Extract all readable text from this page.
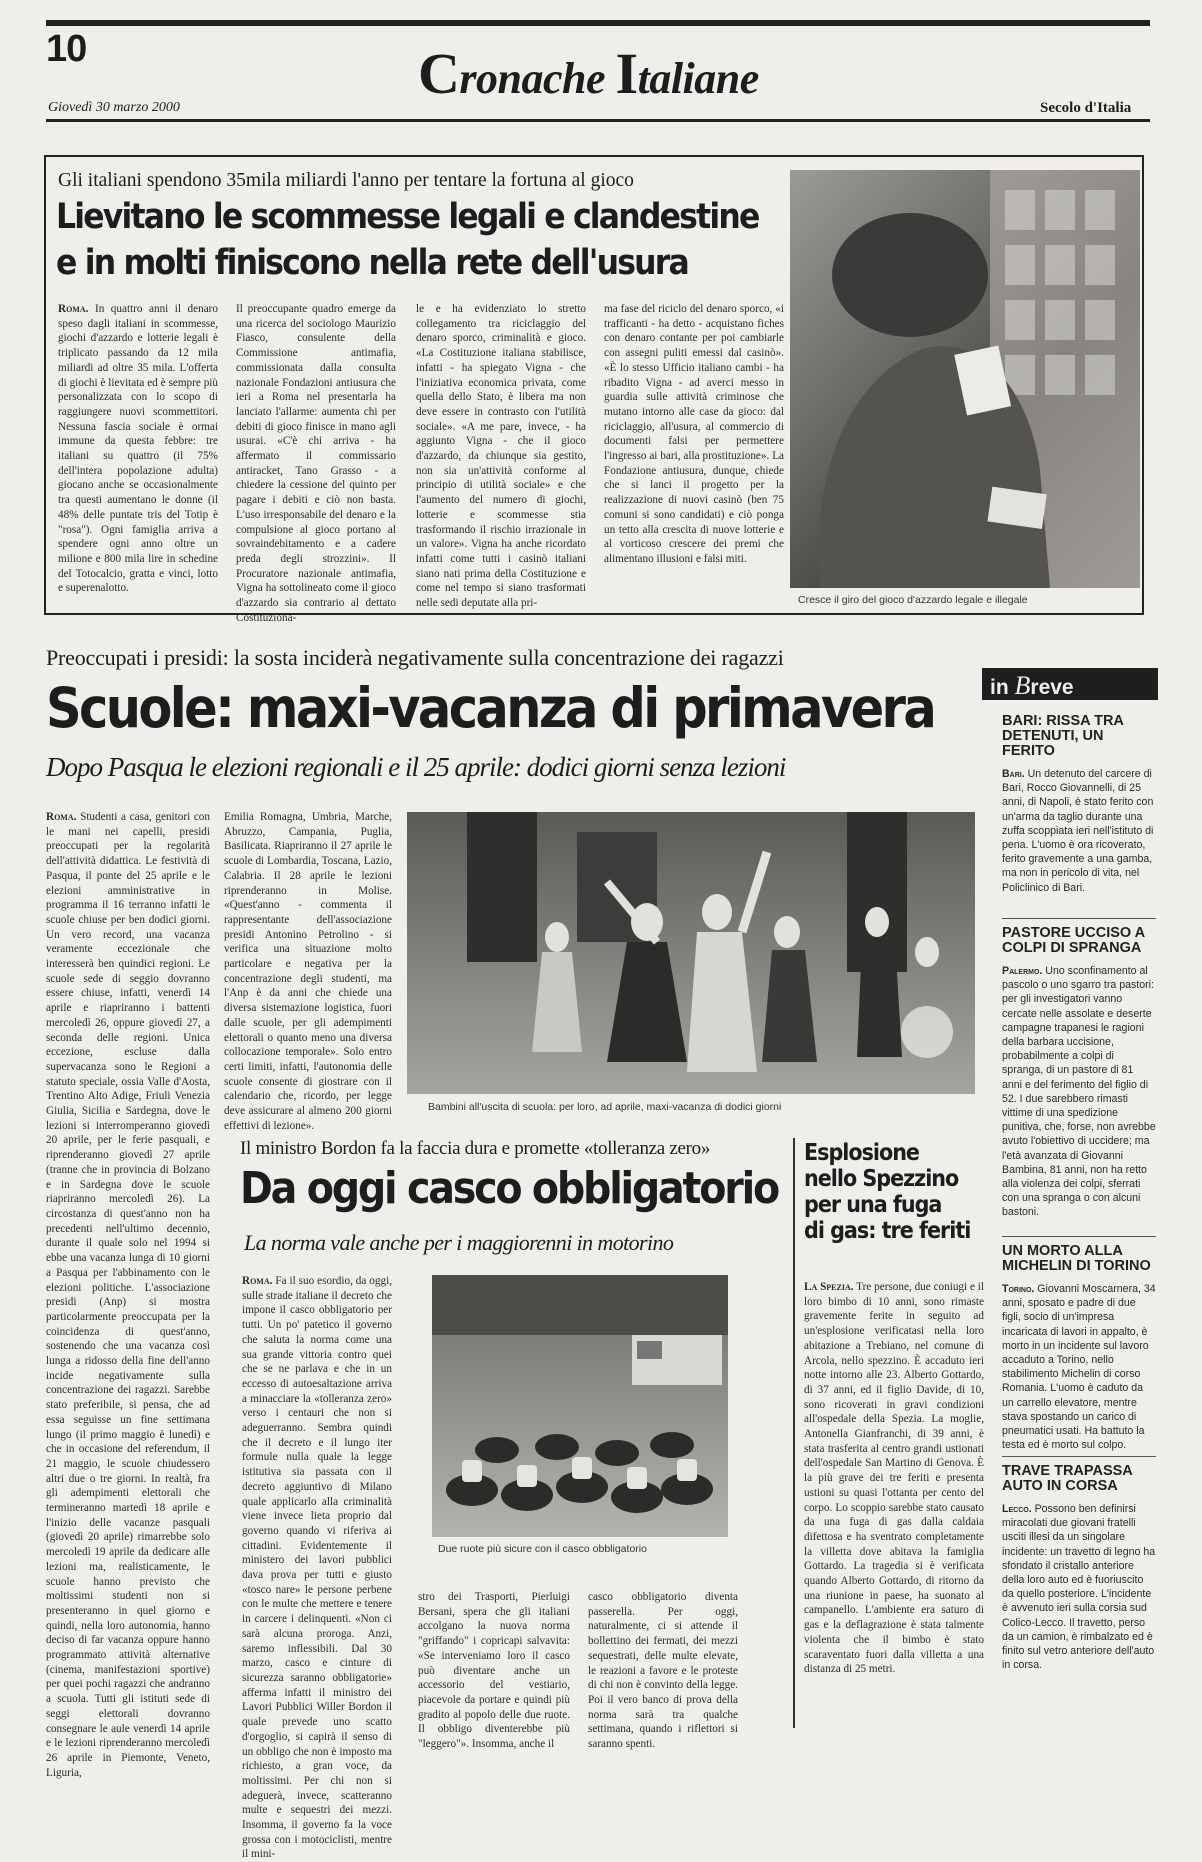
10	Cronache Italiane
Giovedì 30 marzo 2000	Secolo d'Italia
Gli italiani spendono 35mila miliardi l'anno per tentare la fortuna al gioco
Lievitano le scommesse legali e clandestine
e in molti finiscono nella rete dell'usura
Roma. In quattro anni il denaro speso dagli italiani in scommesse, giochi d'azzardo e lotterie legali è triplicato passando da 12 mila miliardi ad oltre 35 mila. L'offerta di giochi è lievitata ed è sempre più personalizzata con lo scopo di raggiungere nuovi scommettitori. Nessuna fascia sociale è ormai immune da questa febbre: tre italiani su quattro (il 75% dell'intera popolazione adulta) giocano anche se occasionalmente tra questi aumentano le donne (il 48% delle puntate tris del Totip è "rosa"). Ogni famiglia arriva a spendere ogni anno oltre un milione e 800 mila lire in schedine del Totocalcio, gratta e vinci, lotto e superenalotto.
Il preoccupante quadro emerge da una ricerca del sociologo Maurizio Fiasco, consulente della Commissione antimafia, commissionata dalla consulta nazionale Fondazioni antiusura che ieri a Roma nel presentarla ha lanciato l'allarme: aumenta chi per debiti di gioco finisce in mano agli usurai. «C'è chi arriva - ha affermato il commissario antiracket, Tano Grasso - a chiedere la cessione del quinto per pagare i debiti e ciò non basta. L'uso irresponsabile del denaro e la compulsione al gioco portano al sovraindebitamento e a cadere preda degli strozzini». Il Procuratore nazionale antimafia, Vigna ha sottolineato come il gioco d'azzardo sia contrario al dettato Costituziona-
le e ha evidenziato lo stretto collegamento tra riciclaggio del denaro sporco, criminalità e gioco. «La Costituzione italiana stabilisce, infatti - ha spiegato Vigna - che l'iniziativa economica privata, come quella dello Stato, è libera ma non deve essere in contrasto con l'utilità sociale». «A me pare, invece, - ha aggiunto Vigna - che il gioco d'azzardo, da chiunque sia gestito, non sia un'attività conforme al principio di utilità sociale» e che l'aumento del numero di giochi, lotterie e scommesse stia trasformando il rischio irrazionale in un valore». Vigna ha anche ricordato infatti come tutti i casinò italiani siano nati prima della Costituzione e come nel tempo si siano trasformati nelle sedi deputate alla pri-
ma fase del riciclo del denaro sporco, «i trafficanti - ha detto - acquistano fiches con denaro contante per poi cambiarle con assegni puliti emessi dal casinò». «È lo stesso Ufficio italiano cambi - ha ribadito Vigna - ad averci messo in guardia sulle attività criminose che mutano intorno alle case da gioco: dal riciclaggio, all'usura, al commercio di documenti falsi per permettere l'ingresso ai bari, alla prostituzione». La Fondazione antiusura, dunque, chiede che si lanci il progetto per la realizzazione di nuovi casinò (ben 75 comuni si sono candidati) e ciò ponga un tetto alla crescita di nuove lotterie e al vorticoso crescere dei premi che alimentano illusioni e falsi miti.
Cresce il giro del gioco d'azzardo legale e illegale
Preoccupati i presidi: la sosta inciderà negativamente sulla concentrazione dei ragazzi
Scuole: maxi-vacanza di primavera
Dopo Pasqua le elezioni regionali e il 25 aprile: dodici giorni senza lezioni
Roma. Studenti a casa, genitori con le mani nei capelli, presidi preoccupati per la regolarità dell'attività didattica. Le festività di Pasqua, il ponte del 25 aprile e le elezioni amministrative in programma il 16 terranno infatti le scuole chiuse per ben dodici giorni. Un vero record, una vacanza veramente eccezionale che interesserà ben quindici regioni. Le scuole sede di seggio dovranno essere chiuse, infatti, venerdì 14 aprile e riapriranno i battenti mercoledì 26, oppure giovedì 27, a seconda delle regioni. Unica eccezione, escluse dalla supervacanza sono le Regioni a statuto speciale, ossia Valle d'Aosta, Trentino Alto Adige, Friuli Venezia Giulia, Sicilia e Sardegna, dove le lezioni si interromperanno giovedì 20 aprile, per le ferie pasquali, e riprenderanno giovedì 27 aprile (tranne che in provincia di Bolzano e in Sardegna dove le scuole riapriranno mercoledì 26). La circostanza di quest'anno non ha precedenti nell'ultimo decennio, durante il quale solo nel 1994 si ebbe una vacanza lunga di 10 giorni a Pasqua per l'abbinamento con le elezioni politiche. L'associazione presidi (Anp) si mostra particolarmente preoccupata per la coincidenza di quest'anno, sostenendo che una vacanza così lunga a ridosso della fine dell'anno incide negativamente sulla concentrazione dei ragazzi. Sarebbe stato preferibile, si pensa, che ad essa seguisse un fine settimana lungo (il primo maggio è lunedì) e che in occasione del referendum, il 21 maggio, le scuole chiudessero altri due o tre giorni. In realtà, fra gli adempimenti elettorali che termineranno martedì 18 aprile e l'inizio delle vacanze pasquali (giovedì 20 aprile) rimarrebbe solo mercoledì 19 aprile da dedicare alle lezioni ma, realisticamente, le scuole hanno previsto che moltissimi studenti non si presenteranno in quel giorno e quindi, nella loro autonomia, hanno deciso di far vacanza oppure hanno programmato attività alternative (cinema, manifestazioni sportive) per quei pochi ragazzi che andranno a scuola. Tutti gli istituti sede di seggi elettorali dovranno consegnare le aule venerdì 14 aprile e le lezioni riprenderanno mercoledì 26 aprile in Piemonte, Veneto, Liguria,
Emilia Romagna, Umbria, Marche, Abruzzo, Campania, Puglia, Basilicata. Riapriranno il 27 aprile le scuole di Lombardia, Toscana, Lazio, Calabria. Il 28 aprile le lezioni riprenderanno in Molise. «Quest'anno - commenta il rappresentante dell'associazione presidi Antonino Petrolino - si verifica una situazione molto particolare e negativa per la concentrazione degli studenti, ma l'Anp è da anni che chiede una diversa sistemazione logistica, fuori dalle scuole, per gli adempimenti elettorali o quanto meno una diversa collocazione temporale». Solo entro certi limiti, infatti, l'autonomia delle scuole consente di giostrare con il calendario che, ricordo, per legge deve assicurare al almeno 200 giorni effettivi di lezione».
Bambini all'uscita di scuola: per loro, ad aprile, maxi-vacanza di dodici giorni
Il ministro Bordon fa la faccia dura e promette «tolleranza zero»
Da oggi casco obbligatorio
La norma vale anche per i maggiorenni in motorino
Roma. Fa il suo esordio, da oggi, sulle strade italiane il decreto che impone il casco obbligatorio per tutti. Un po' pateticо il governo che saluta la norma come una sua grande vittoria contro quei che se ne parlava e che in un eccesso di autoesaltazione arriva a minacciare la «tolleranza zero» verso i centauri che non si adeguerranno. Sembra quindi che il decreto e il lungo iter formule nulla quale la legge istitutiva sia passata con il decreto aggiuntivo di Milano quale applicarlo alla criminalità viene invece lieta proprio dal governo quando vi riferiva ai cittadini. Evidentemente il ministero dei lavori pubblici dava prova per tutti e giusto «tosco nare» le persone perbene con le multe che mettere e tenere in carcere i delinquenti. «Non ci sarà alcuna proroga. Anzi, saremo inflessibili. Dal 30 marzo, casco e cinture di sicurezza saranno obbligatorie» afferma infatti il ministro dei Lavori Pubblici Willer Bordon il quale prevede uno scatto d'orgoglio, si capirà il senso di un obbligo che non è imposto ma richiesto, a gran voce, da moltissimi. Per chi non si adeguerà, invece, scatteranno multe e sequestri dei mezzi. Insomma, il governo fa la voce grossa con i motociclisti, mentre il mini-
stro dei Trasporti, Pierluigi Bersani, spera che gli italiani accolgano la nuova norma "griffando" i copricapi salvavita: «Se interveniamo loro il casco può diventare anche un accessorio del vestiario, piacevole da portare e quindi più gradito al popolo delle due ruote. Il obbligo diventerebbe più "leggero"». Insomma, anche il
casco obbligatorio diventa passerella. Per oggi, naturalmente, ci si attende il bollettino dei fermati, dei mezzi sequestrati, delle multe elevate, le reazioni a favore e le proteste di chi non è convinto della legge. Poi il vero banco di prova della norma sarà tra qualche settimana, quando i riflettori si saranno spenti.
Due ruote più sicure con il casco obbligatorio
Esplosione
nello Spezzino
per una fuga
di gas: tre feriti
La Spezia. Tre persone, due coniugi e il loro bimbo di 10 anni, sono rimaste gravemente ferite in seguito ad un'esplosione verificatasi nella loro abitazione a Trebiano, nel comune di Arcola, nello spezzino. È accaduto ieri notte intorno alle 23. Alberto Gottardo, di 37 anni, ed il figlio Davide, di 10, sono ricoverati in gravi condizioni all'ospedale della Spezia. La moglie, Antonella Gianfranchi, di 39 anni, è stata trasferita al centro grandi ustionati dell'ospedale San Martino di Genova. È la più grave dei tre feriti e presenta ustioni su quasi l'ottanta per cento del corpo. Lo scoppio sarebbe stato causato da una fuga di gas dalla caldaia difettosa e ha sventrato completamente la villetta dove abitava la famiglia Gottardo. La tragedia si è verificata quando Alberto Gottardo, di ritorno da una riunione in paese, ha suonato al campanello. L'ambiente era saturo di gas e la deflagrazione è stata talmente violenta che il bimbo è stato scaraventato fuori dalla villetta a una distanza di 25 metri.
in Breve
BARI: RISSA TRA DETENUTI, UN FERITO
Bari. Un detenuto del carcere di Bari, Rocco Giovannelli, di 25 anni, di Napoli, è stato ferito con un'arma da taglio durante una zuffa scoppiata ieri nell'istituto di pena. L'uomo è ora ricoverato, ferito gravemente a una gamba, ma non in pericolo di vita, nel Policlinico di Bari.
PASTORE UCCISO A COLPI DI SPRANGA
Palermo. Uno sconfinamento al pascolo o uno sgarro tra pastori: per gli investigatori vanno cercate nelle assolate e deserte campagne trapanesi le ragioni della barbara uccisione, probabilmente a colpi di spranga, di un pastore di 81 anni e del ferimento del figlio di 52. I due sarebbero rimasti vittime di una spedizione punitiva, che, forse, non avrebbe avuto l'obiettivo di uccidere; ma l'età avanzata di Giovanni Bambina, 81 anni, non ha retto alla violenza dei colpi, sferrati con una spranga o con alcuni bastoni.
UN MORTO ALLA MICHELIN DI TORINO
Torino. Giovanni Moscarnera, 34 anni, sposato e padre di due figli, socio di un'impresa incaricata di lavori in appalto, è morto in un incidente sul lavoro accaduto a Torino, nello stabilimento Michelin di corso Romania. L'uomo è caduto da un carrello elevatore, mentre stava spostando un carico di pneumatici usati. Ha battuto la testa ed è morto sul colpo.
TRAVE TRAPASSA AUTO IN CORSA
Lecco. Possono ben definirsi miracolati due giovani fratelli usciti illesi da un singolare incidente: un travetto di legno ha sfondato il cristallo anteriore della loro auto ed è fuoriuscito da quello posteriore. L'incidente è avvenuto ieri sulla corsia sud Colico-Lecco. Il travetto, perso da un camion, è rimbalzato ed è finito sul vetro anteriore dell'auto in corsa.
